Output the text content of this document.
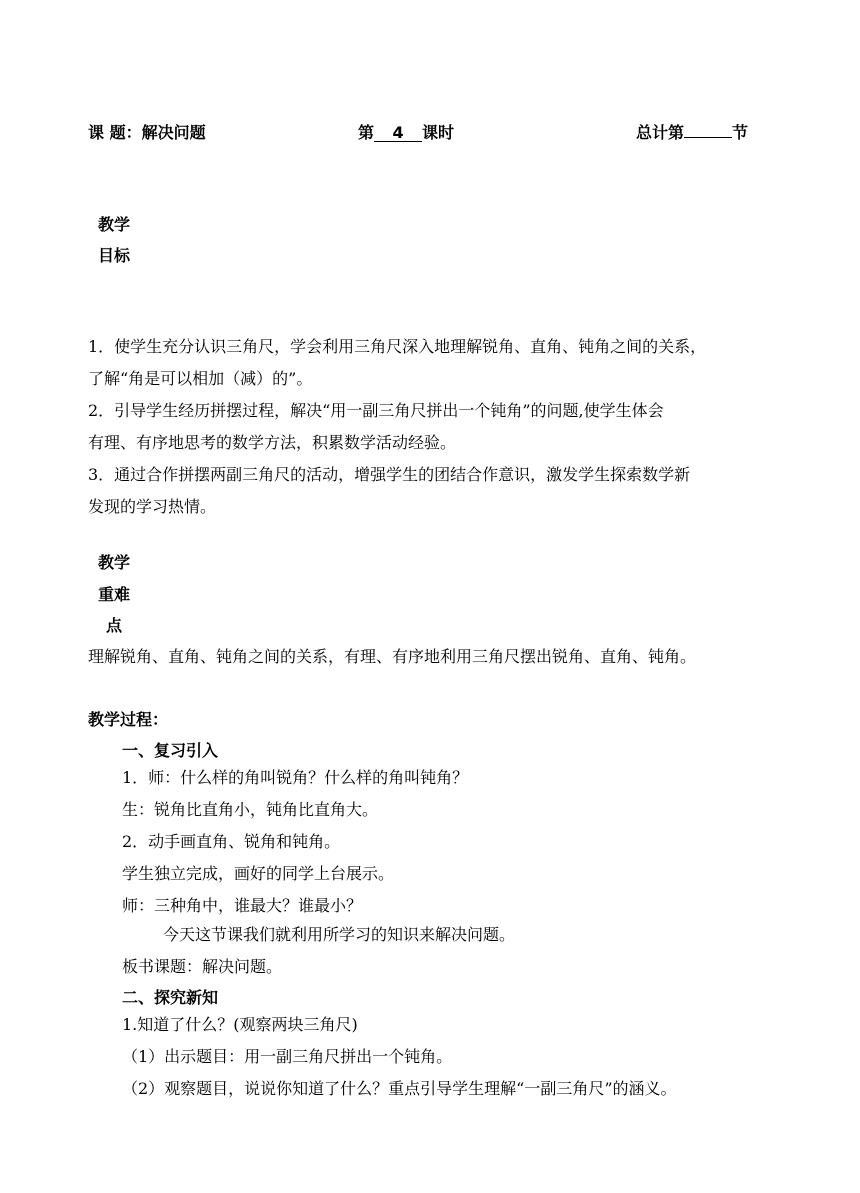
课 题：解决问题	第 4 课时	总计第	节
教学
目标
1．使学生充分认识三角尺，学会利用三角尺深入地理解锐角、直角、钝角之间的关系，
了解“角是可以相加（减）的”。
2．引导学生经历拼摆过程，解决“用一副三角尺拼出一个钝角”的问题,使学生体会
有理、有序地思考的数学方法，积累数学活动经验。
3．通过合作拼摆两副三角尺的活动，增强学生的团结合作意识，激发学生探索数学新
发现的学习热情。
教学
重难
点
理解锐角、直角、钝角之间的关系，有理、有序地利用三角尺摆出锐角、直角、钝角。
教学过程：
一、复习引入
1．师：什么样的角叫锐角？什么样的角叫钝角？
生：锐角比直角小，钝角比直角大。
2．动手画直角、锐角和钝角。
学生独立完成，画好的同学上台展示。
师：三种角中，谁最大？谁最小？
今天这节课我们就利用所学习的知识来解决问题。
板书课题：解决问题。
二、探究新知
1.知道了什么？(观察两块三角尺)
（1）出示题目：用一副三角尺拼出一个钝角。
（2）观察题目，说说你知道了什么？重点引导学生理解“一副三角尺”的涵义。
